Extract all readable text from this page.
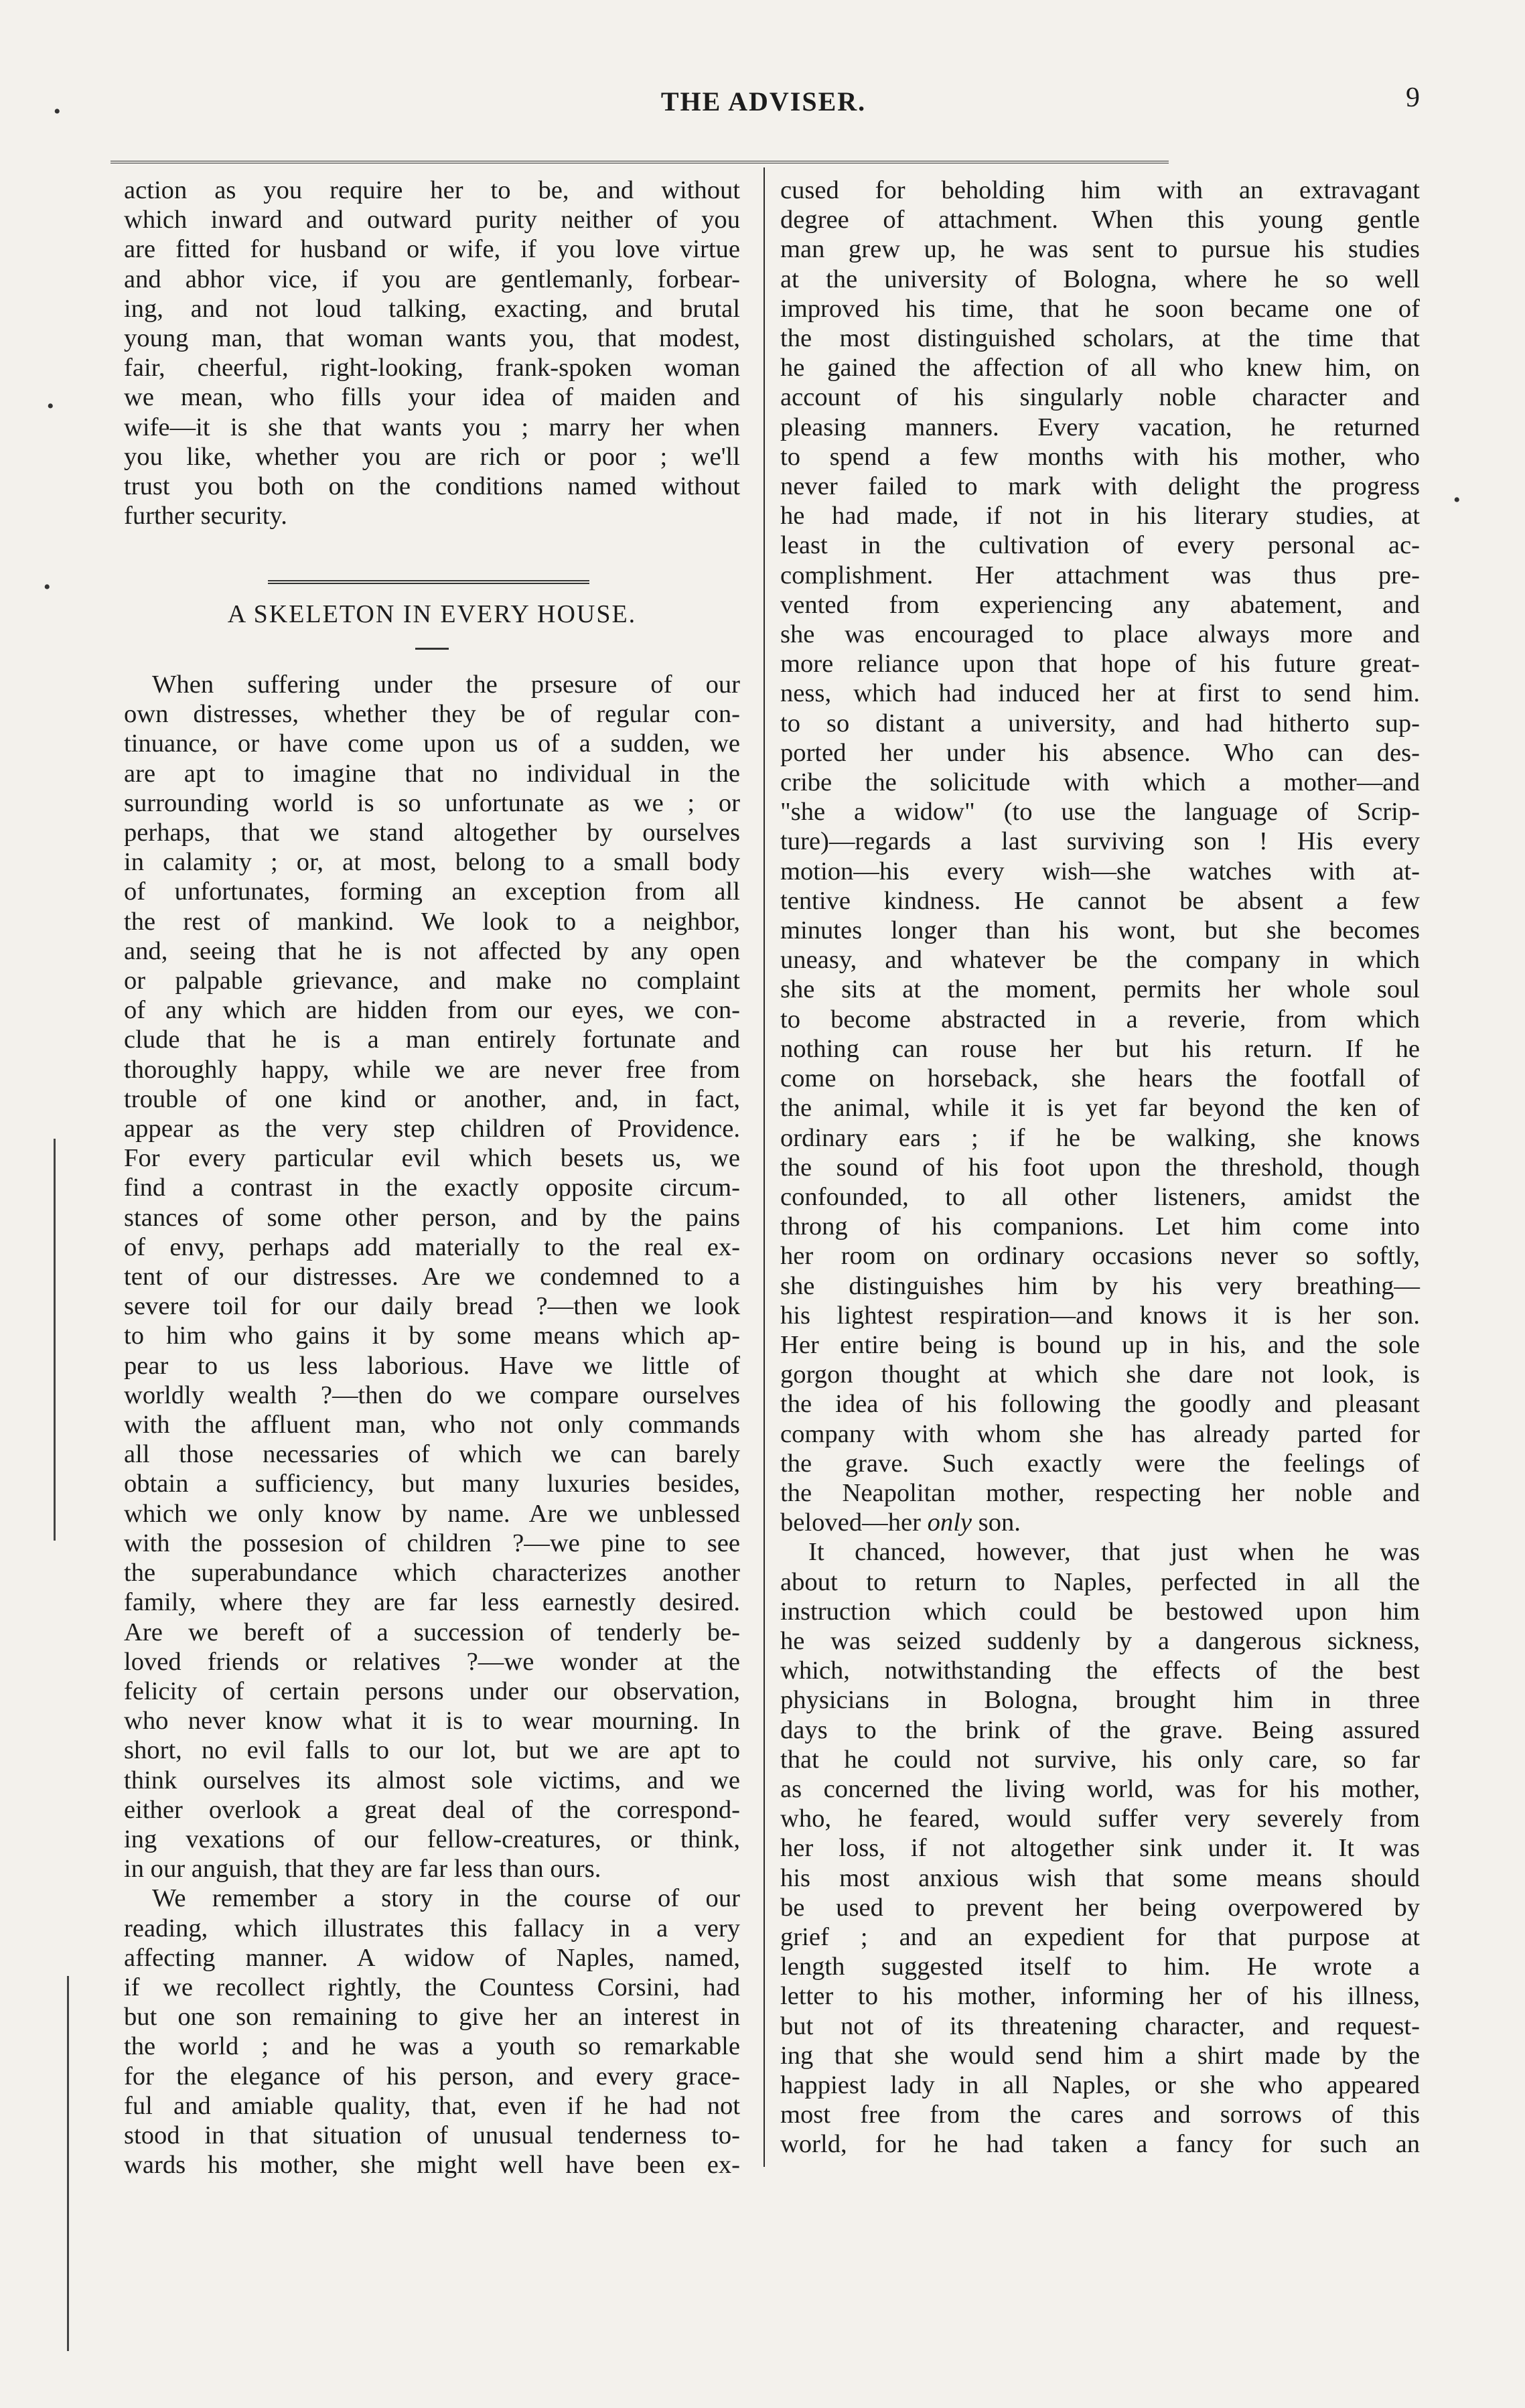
THE ADVISER.	9
•
•
•
•
action as you require her to be, and without
which inward and outward purity neither of you
are fitted for husband or wife, if you love virtue
and abhor vice, if you are gentlemanly, forbear-
ing, and not loud talking, exacting, and brutal
young man, that woman wants you, that modest,
fair, cheerful, right-looking, frank-spoken woman
we mean, who fills your idea of maiden and
wife—it is she that wants you ; marry her when
you like, whether you are rich or poor ; we'll
trust you both on the conditions named without
further security.
A SKELETON IN EVERY HOUSE.
When suffering under the prsesure of our
own distresses, whether they be of regular con-
tinuance, or have come upon us of a sudden, we
are apt to imagine that no individual in the
surrounding world is so unfortunate as we ; or
perhaps, that we stand altogether by ourselves
in calamity ; or, at most, belong to a small body
of unfortunates, forming an exception from all
the rest of mankind. We look to a neighbor,
and, seeing that he is not affected by any open
or palpable grievance, and make no complaint
of any which are hidden from our eyes, we con-
clude that he is a man entirely fortunate and
thoroughly happy, while we are never free from
trouble of one kind or another, and, in fact,
appear as the very step children of Providence.
For every particular evil which besets us, we
find a contrast in the exactly opposite circum-
stances of some other person, and by the pains
of envy, perhaps add materially to the real ex-
tent of our distresses. Are we condemned to a
severe toil for our daily bread ?—then we look
to him who gains it by some means which ap-
pear to us less laborious. Have we little of
worldly wealth ?—then do we compare ourselves
with the affluent man, who not only commands
all those necessaries of which we can barely
obtain a sufficiency, but many luxuries besides,
which we only know by name. Are we unblessed
with the possesion of children ?—we pine to see
the superabundance which characterizes another
family, where they are far less earnestly desired.
Are we bereft of a succession of tenderly be-
loved friends or relatives ?—we wonder at the
felicity of certain persons under our observation,
who never know what it is to wear mourning. In
short, no evil falls to our lot, but we are apt to
think ourselves its almost sole victims, and we
either overlook a great deal of the correspond-
ing vexations of our fellow-creatures, or think,
in our anguish, that they are far less than ours.
We remember a story in the course of our
reading, which illustrates this fallacy in a very
affecting manner. A widow of Naples, named,
if we recollect rightly, the Countess Corsini, had
but one son remaining to give her an interest in
the world ; and he was a youth so remarkable
for the elegance of his person, and every grace-
ful and amiable quality, that, even if he had not
stood in that situation of unusual tenderness to-
wards his mother, she might well have been ex-
cused for beholding him with an extravagant
degree of attachment. When this young gentle
man grew up, he was sent to pursue his studies
at the university of Bologna, where he so well
improved his time, that he soon became one of
the most distinguished scholars, at the time that
he gained the affection of all who knew him, on
account of his singularly noble character and
pleasing manners. Every vacation, he returned
to spend a few months with his mother, who
never failed to mark with delight the progress
he had made, if not in his literary studies, at
least in the cultivation of every personal ac-
complishment. Her attachment was thus pre-
vented from experiencing any abatement, and
she was encouraged to place always more and
more reliance upon that hope of his future great-
ness, which had induced her at first to send him.
to so distant a university, and had hitherto sup-
ported her under his absence. Who can des-
cribe the solicitude with which a mother—and
"she a widow" (to use the language of Scrip-
ture)—regards a last surviving son ! His every
motion—his every wish—she watches with at-
tentive kindness. He cannot be absent a few
minutes longer than his wont, but she becomes
uneasy, and whatever be the company in which
she sits at the moment, permits her whole soul
to become abstracted in a reverie, from which
nothing can rouse her but his return. If he
come on horseback, she hears the footfall of
the animal, while it is yet far beyond the ken of
ordinary ears ; if he be walking, she knows
the sound of his foot upon the threshold, though
confounded, to all other listeners, amidst the
throng of his companions. Let him come into
her room on ordinary occasions never so softly,
she distinguishes him by his very breathing—
his lightest respiration—and knows it is her son.
Her entire being is bound up in his, and the sole
gorgon thought at which she dare not look, is
the idea of his following the goodly and pleasant
company with whom she has already parted for
the grave. Such exactly were the feelings of
the Neapolitan mother, respecting her noble and
beloved—her only son.
It chanced, however, that just when he was
about to return to Naples, perfected in all the
instruction which could be bestowed upon him
he was seized suddenly by a dangerous sickness,
which, notwithstanding the effects of the best
physicians in Bologna, brought him in three
days to the brink of the grave. Being assured
that he could not survive, his only care, so far
as concerned the living world, was for his mother,
who, he feared, would suffer very severely from
her loss, if not altogether sink under it. It was
his most anxious wish that some means should
be used to prevent her being overpowered by
grief ; and an expedient for that purpose at
length suggested itself to him. He wrote a
letter to his mother, informing her of his illness,
but not of its threatening character, and request-
ing that she would send him a shirt made by the
happiest lady in all Naples, or she who appeared
most free from the cares and sorrows of this
world, for he had taken a fancy for such an
